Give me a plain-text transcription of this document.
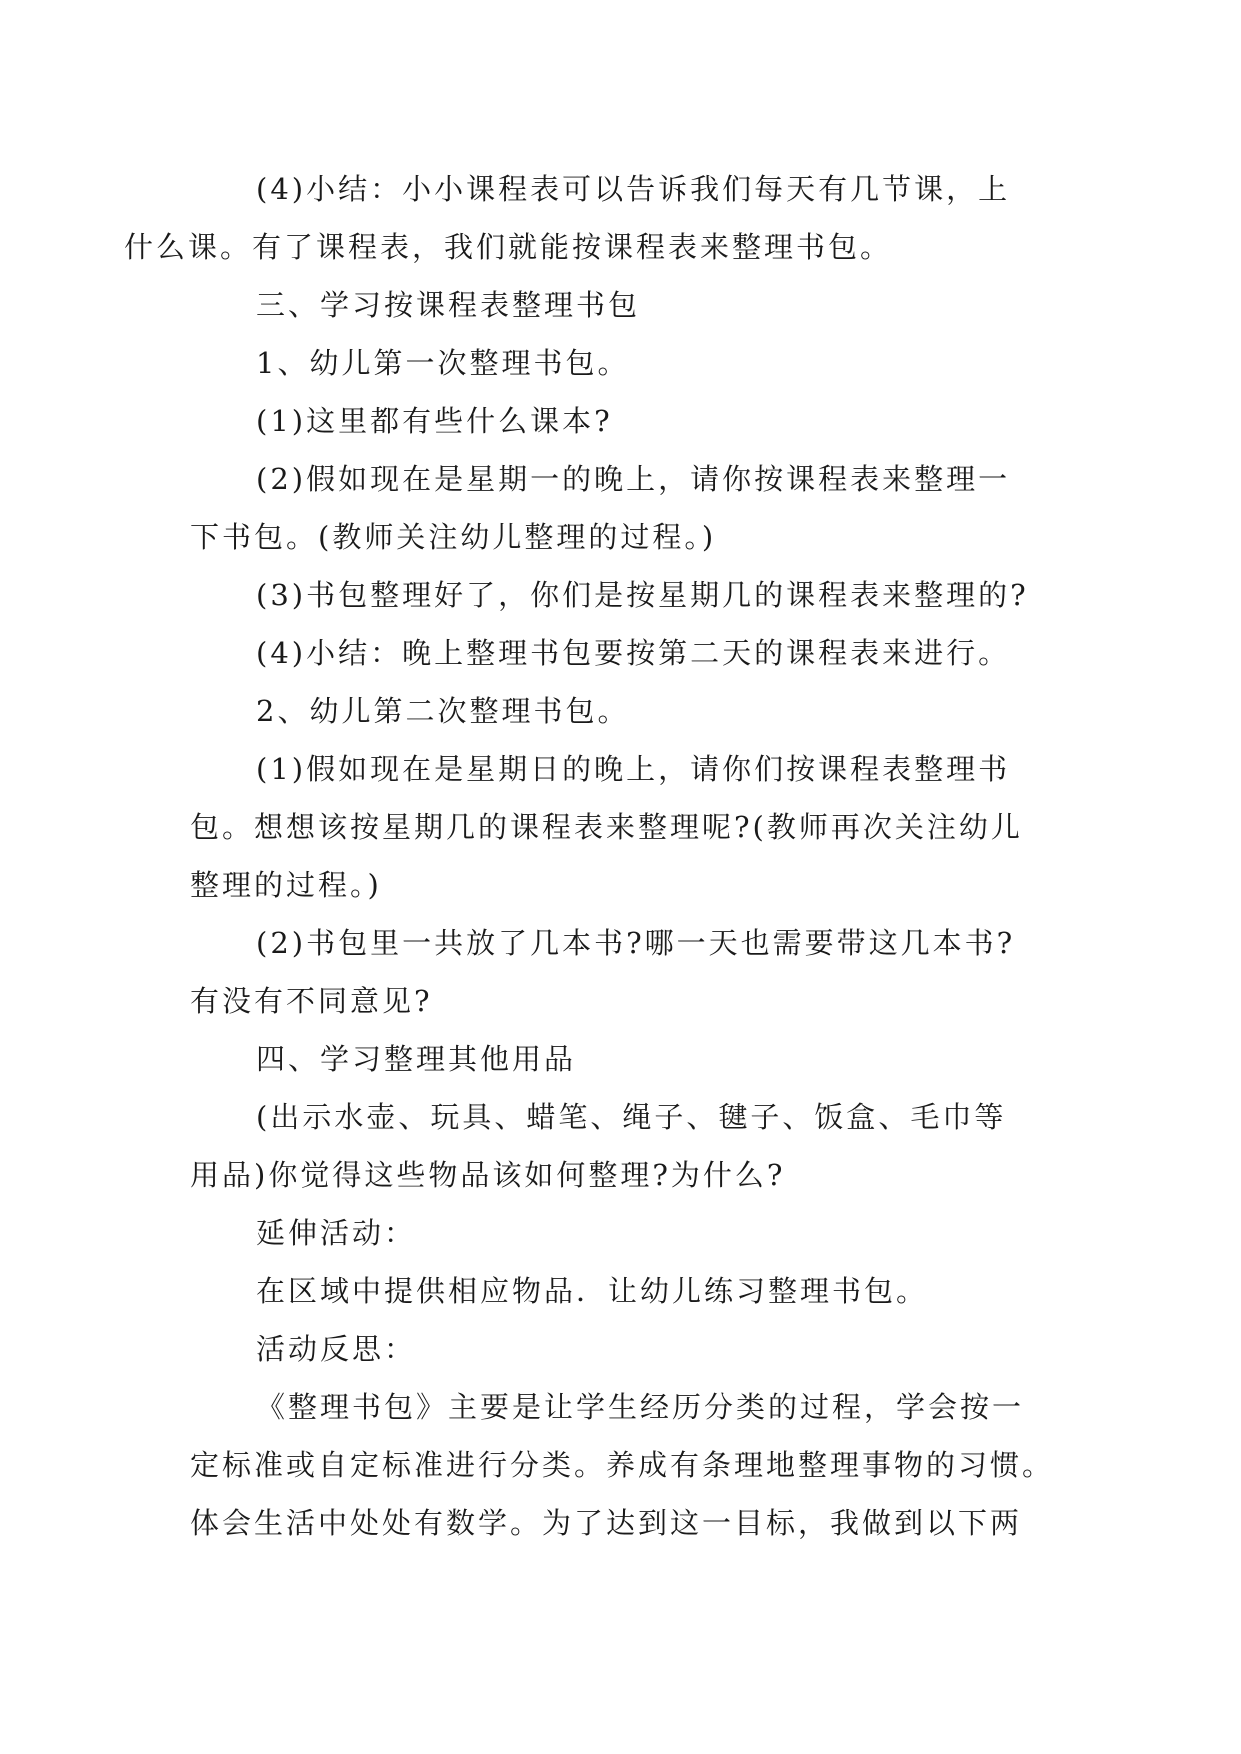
(4)小结：小小课程表可以告诉我们每天有几节课，上
什么课。有了课程表，我们就能按课程表来整理书包。

三、学习按课程表整理书包

1、幼儿第一次整理书包。

(1)这里都有些什么课本?

(2)假如现在是星期一的晚上，请你按课程表来整理一
下书包。(教师关注幼儿整理的过程。)

(3)书包整理好了，你们是按星期几的课程表来整理的?

(4)小结：晚上整理书包要按第二天的课程表来进行。

2、幼儿第二次整理书包。

(1)假如现在是星期日的晚上，请你们按课程表整理书
包。想想该按星期几的课程表来整理呢?(教师再次关注幼儿
整理的过程。)

(2)书包里一共放了几本书?哪一天也需要带这几本书?
有没有不同意见?

四、学习整理其他用品

(出示水壶、玩具、蜡笔、绳子、毽子、饭盒、毛巾等
用品)你觉得这些物品该如何整理?为什么?

延伸活动：

在区域中提供相应物品．让幼儿练习整理书包。

活动反思：

《整理书包》主要是让学生经历分类的过程，学会按一
定标准或自定标准进行分类。养成有条理地整理事物的习惯。
体会生活中处处有数学。为了达到这一目标，我做到以下两
